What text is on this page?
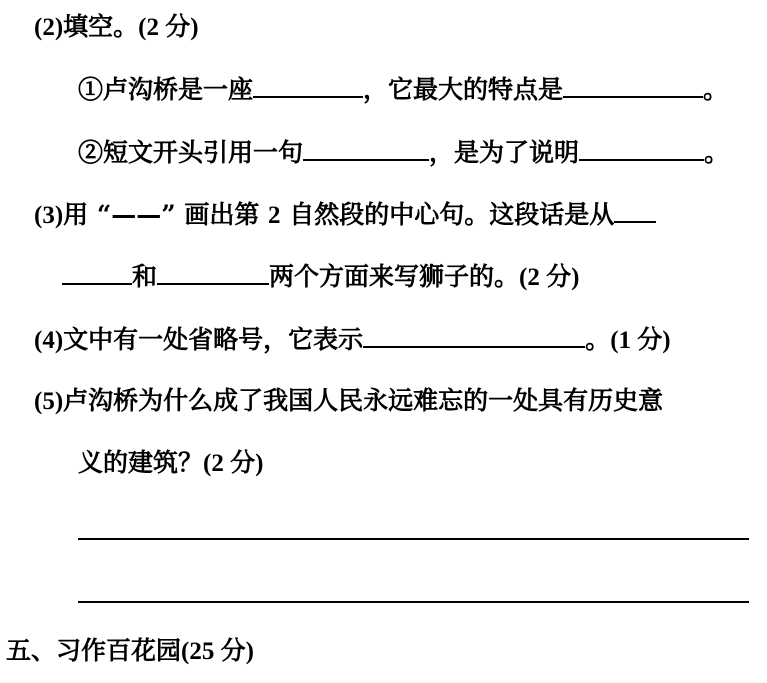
(2)填空。(2 分)
①卢沟桥是一座	，它最大的特点是	。
②短文开头引用一句	，是为了说明	。
(3)用 “——” 画出第 2 自然段的中心句。这段话是从
和	两个方面来写狮子的。(2 分)
(4)文中有一处省略号，它表示	。(1 分)
(5)卢沟桥为什么成了我国人民永远难忘的一处具有历史意
义的建筑？(2 分)
五、习作百花园(25 分)
